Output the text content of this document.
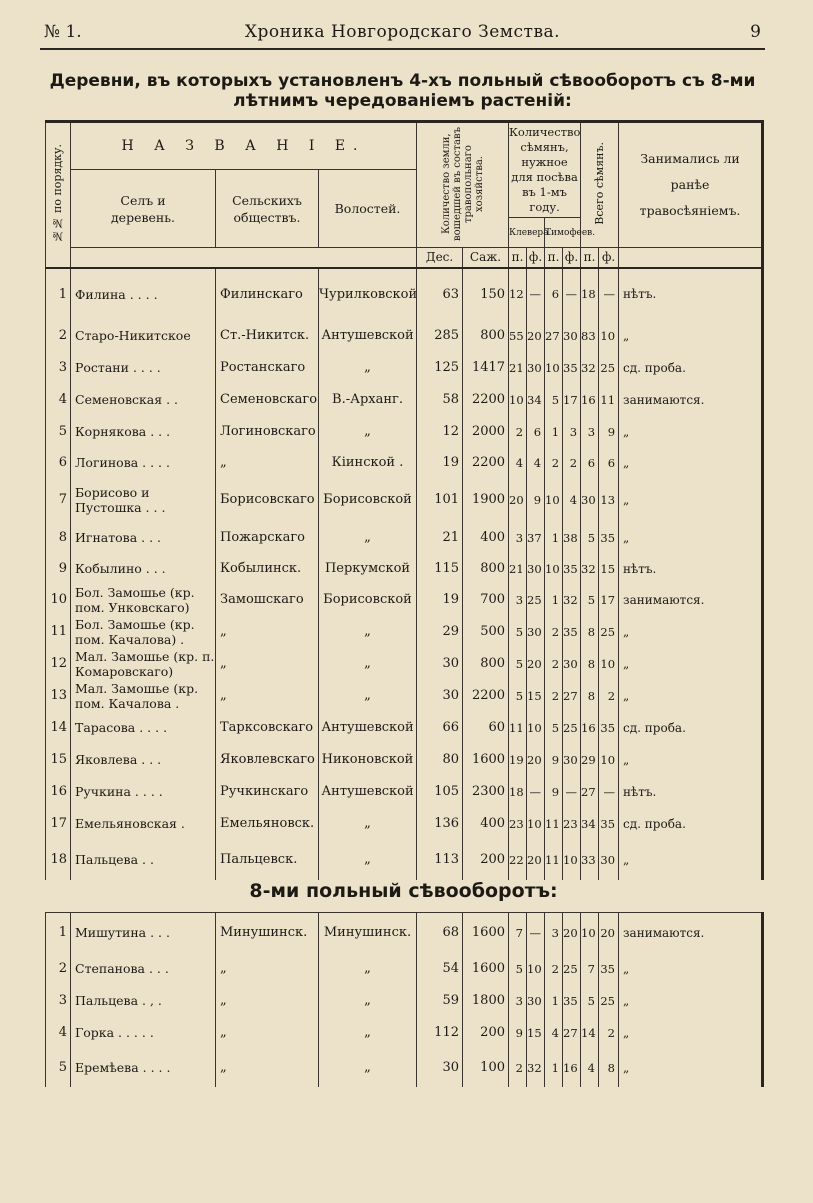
№ 1.	Хроника Новгородскаго Земства.	9
Деревни, въ которыхъ установленъ 4-хъ польный сѣвооборотъ съ 8-ми лѣтнимъ чередованіемъ растеній:
№№ по порядку.	Н А З В А Н І Е.			Количество земли, вошедшей въ составъ травопольнаго хозяйства.		Количество сѣмянъ, нужное для посѣва въ 1-мъ году.				Всего сѣмянъ.		Занимались ли ранѣе травосѣяніемъ.
	Селъ и деревень.	Сельскихъ обществъ.	Волостей.									
						Клевера.		Тимофеев.				
				Дес.	Саж.	п.	ф.	п.	ф.	п.	ф.	
1	Филина . . . .	Филинскаго	Чурилковской	63	150	12	—	6	—	18	—	нѣтъ.
2	Старо-Никитское	Ст.-Никитск.	Антушевской	285	800	55	20	27	30	83	10	„
3	Ростани . . . .	Ростанскаго	„	125	1417	21	30	10	35	32	25	сд. проба.
4	Семеновская . .	Семеновскаго	В.-Арханг.	58	2200	10	34	5	17	16	11	занимаются.
5	Корнякова . . .	Логиновскаго	„	12	2000	2	6	1	3	3	9	„
6	Логинова . . . .	„	Кіинской .	19	2200	4	4	2	2	6	6	„
7	Борисово и Пустошка . . .	Борисовскаго	Борисовской	101	1900	20	9	10	4	30	13	„
8	Игнатова . . .	Пожарскаго	„	21	400	3	37	1	38	5	35	„
9	Кобылино . . .	Кобылинск.	Перкумской	115	800	21	30	10	35	32	15	нѣтъ.
10	Бол. Замошье (кр. пом. Унковскаго)	Замошскаго	Борисовской	19	700	3	25	1	32	5	17	занимаются.
11	Бол. Замошье (кр. пом. Качалова) .	„	„	29	500	5	30	2	35	8	25	„
12	Мал. Замошье (кр. п. Комаровскаго)	„	„	30	800	5	20	2	30	8	10	„
13	Мал. Замошье (кр. пом. Качалова .	„	„	30	2200	5	15	2	27	8	2	„
14	Тарасова . . . .	Тарксовскаго	Антушевской	66	60	11	10	5	25	16	35	сд. проба.
15	Яковлева . . .	Яковлевскаго	Никоновской	80	1600	19	20	9	30	29	10	„
16	Ручкина . . . .	Ручкинскаго	Антушевской	105	2300	18	—	9	—	27	—	нѣтъ.
17	Емельяновская .	Емельяновск.	„	136	400	23	10	11	23	34	35	сд. проба.
18	Пальцева . .	Пальцевск.	„	113	200	22	20	11	10	33	30	„
8-ми польный сѣвооборотъ:
1	Мишутина . . .	Минушинск.	Минушинск.	68	1600	7	—	3	20	10	20	занимаются.
2	Степанова . . .	„	„	54	1600	5	10	2	25	7	35	„
3	Пальцева . , .	„	„	59	1800	3	30	1	35	5	25	„
4	Горка . . . . .	„	„	112	200	9	15	4	27	14	2	„
5	Еремѣева . . . .	„	„	30	100	2	32	1	16	4	8	„
